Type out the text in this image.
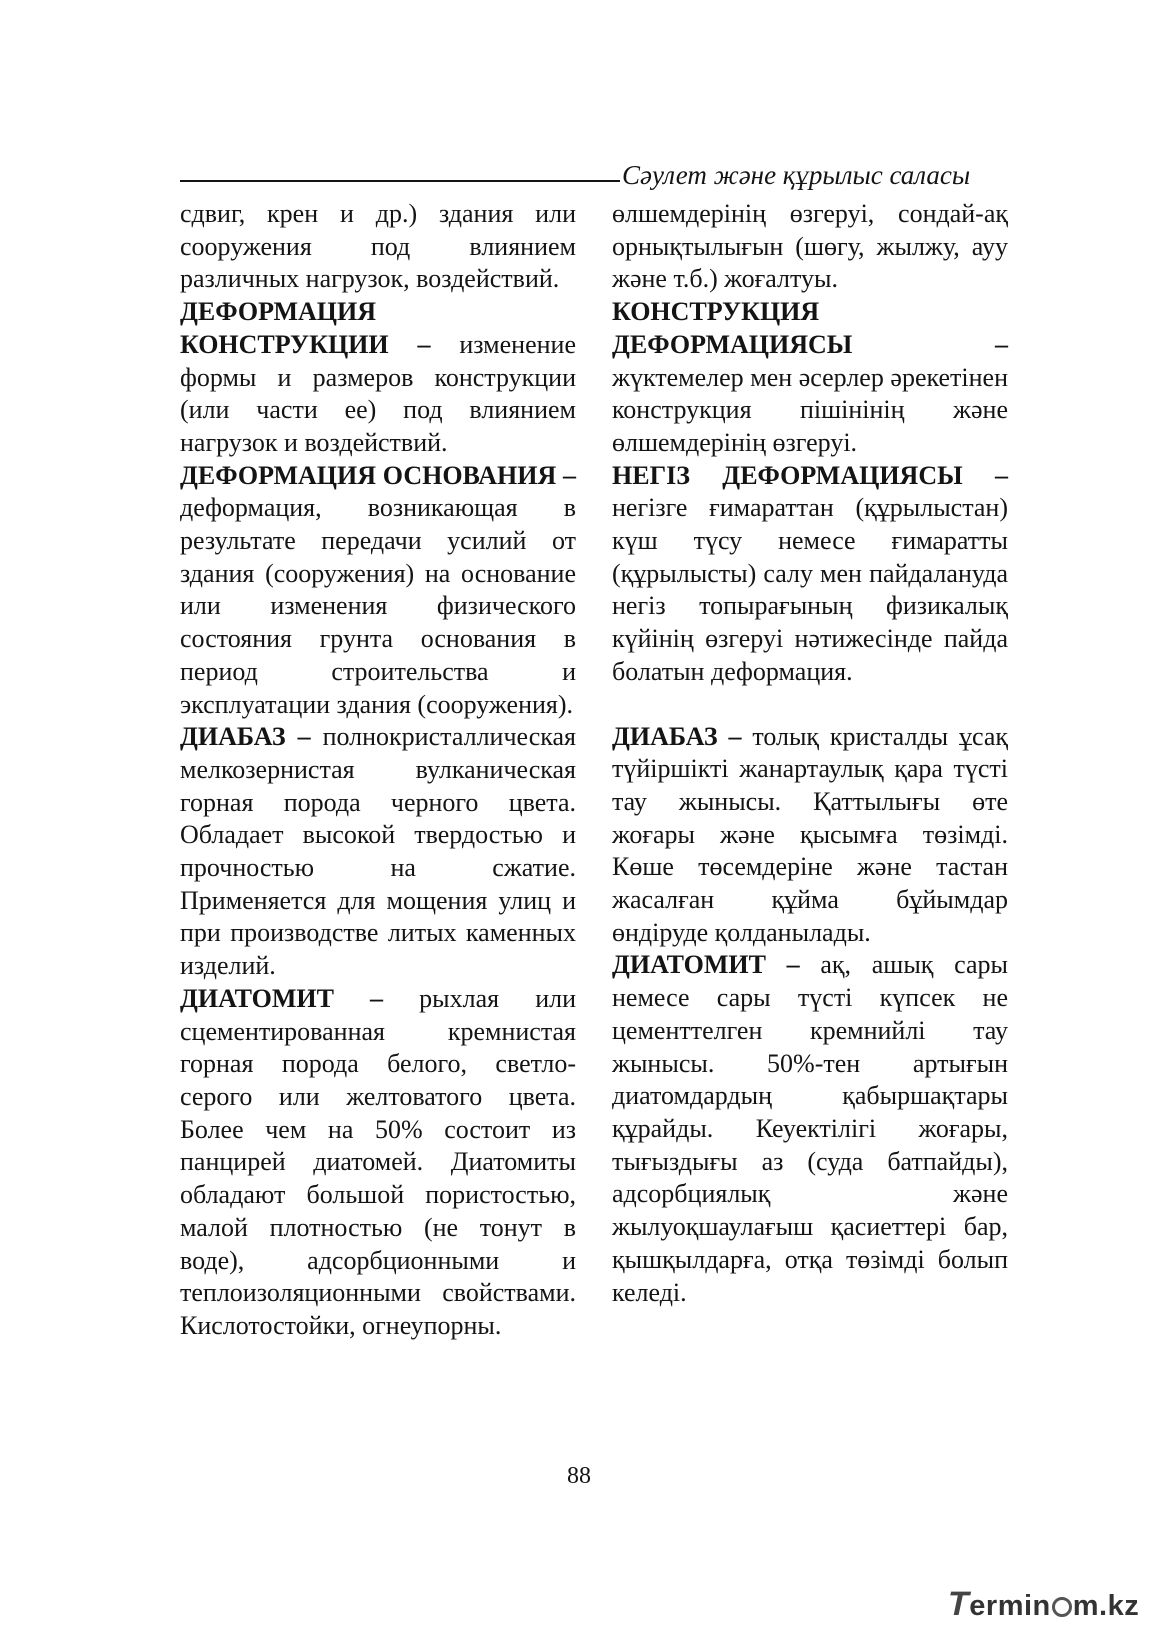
Сәулет және құрылыс саласы

сдвиг, крен и др.) здания или сооружения под влиянием различных нагрузок, воздействий.

ДЕФОРМАЦИЯ КОНСТРУКЦИИ – изменение формы и размеров конструкции (или части ее) под влиянием нагрузок и воздействий.

ДЕФОРМАЦИЯ ОСНОВАНИЯ – деформация, возникающая в результате передачи усилий от здания (сооружения) на основание или изменения физического состояния грунта основания в период строительства и эксплуатации здания (сооружения).

ДИАБАЗ – полнокристаллическая мелкозернистая вулканическая горная порода черного цвета. Обладает высокой твердостью и прочностью на сжатие. Применяется для мощения улиц и при производстве литых каменных изделий.

ДИАТОМИТ – рыхлая или сцементированная кремнистая горная порода белого, светло-серого или желтоватого цвета. Более чем на 50% состоит из панцирей диатомей. Диатомиты обладают большой пористостью, малой плотностью (не тонут в воде), адсорбционными и теплоизоляционными свойствами. Кислотостойки, огнеупорны.

өлшемдерінің өзгеруі, сондай-ақ орнықтылығын (шөгу, жылжу, ауу және т.б.) жоғалтуы.

КОНСТРУКЦИЯ ДЕФОРМАЦИЯСЫ	– жүктемелер мен әсерлер әрекетінен конструкция пішінінің және өлшемдерінің өзгеруі.

НЕГІЗ ДЕФОРМАЦИЯСЫ – негізге ғимараттан (құрылыстан) күш түсу немесе ғимаратты (құрылысты) салу мен пайдалануда негіз топырағының физикалық күйінің өзгеруі нәтижесінде пайда болатын деформация.

ДИАБАЗ – толық кристалды ұсақ түйіршікті жанартаулық қара түсті тау жынысы. Қаттылығы өте жоғары және қысымға төзімді. Көше төсемдеріне және тастан жасалған құйма бұйымдар өндіруде қолданылады.

ДИАТОМИТ – ақ, ашық сары немесе сары түсті күпсек не цементтелген кремнийлі тау жынысы. 50%-тен артығын диатомдардың қабыршақтары құрайды. Кеуектілігі жоғары, тығыздығы аз (суда батпайды), адсорбциялық және жылуоқшаулағыш қасиеттері бар, қышқылдарға, отқа төзімді болып келеді.

88
Termin m.kz
